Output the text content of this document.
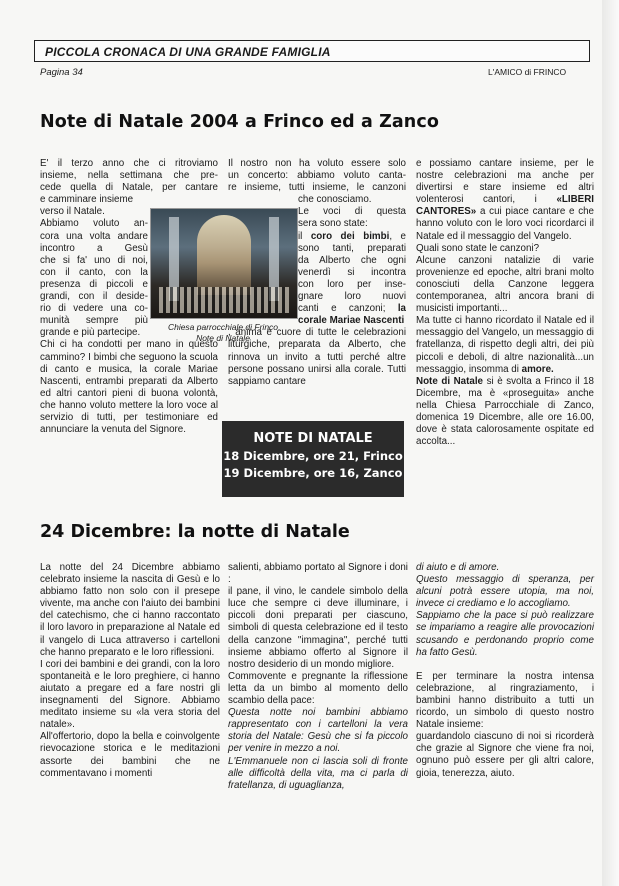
PICCOLA CRONACA DI UNA GRANDE FAMIGLIA
Pagina 34	L'AMICO di FRINCO
Note di Natale 2004 a Frinco ed a Zanco
E' il terzo anno che ci ritroviamo
insieme, nella settimana che pre-
cede quella di Natale, per cantare
e camminare insieme
verso il Natale.
Abbiamo voluto an-
cora una volta andare
incontro a Gesù
che si fa' uno di noi,
con il canto, con la
presenza di piccoli e
grandi, con il deside-
rio di vedere una co-
munità sempre più
grande e più partecipe.

Chi ci ha condotti per mano in questo cammino? I bimbi che seguono la scuola di canto e musica, la corale Mariae Nascenti, entrambi preparati da Alberto ed altri cantori pieni di buona volontà, che hanno voluto mettere la loro voce al servizio di tutti, per testimoniare ed annunciare la venuta del Signore.

Chiesa parrocchiale di Frinco
Note di Natale
Il nostro non ha voluto essere solo
un concerto: abbiamo voluto canta-
re insieme, tutti insieme, le canzoni
che conosciamo.
Le voci di questa
sera sono state:
il coro dei bimbi, e
sono tanti, preparati
da Alberto che ogni
venerdì si incontra
con loro per inse-
gnare loro nuovi
canti e canzoni; la
corale Mariae Nascenti

, anima e cuore di tutte le celebrazioni liturgiche, preparata da Alberto, che rinnova un invito a tutti perché altre persone possano unirsi alla corale. Tutti sappiamo cantare

NOTE DI NATALE
18 Dicembre, ore 21, Frinco
19 Dicembre, ore 16, Zanco

e possiamo cantare insieme, per le nostre celebrazioni ma anche per divertirsi e stare insieme ed altri volenterosi cantori, i «LIBERI CANTORES» a cui piace cantare e che hanno voluto con le loro voci ricordarci il Natale ed il messaggio del Vangelo.

Quali sono state le canzoni?

Alcune canzoni natalizie di varie provenienze ed epoche, altri brani molto conosciuti della Canzone leggera contemporanea, altri ancora brani di musicisti importanti...

Ma tutte ci hanno ricordato il Natale ed il messaggio del Vangelo, un messaggio di fratellanza, di rispetto degli altri, dei più piccoli e deboli, di altre nazionalità...un messaggio, insomma di amore.

Note di Natale si è svolta a Frinco il 18 Dicembre, ma è «proseguita» anche nella Chiesa Parrocchiale di Zanco, domenica 19 Dicembre, alle ore 16.00, dove è stata calorosamente ospitate ed accolta...

24 Dicembre: la notte di Natale

La notte del 24 Dicembre abbiamo celebrato insieme la nascita di Gesù e lo abbiamo fatto non solo con il presepe vivente, ma anche con l'aiuto dei bambini del catechismo, che ci hanno raccontato il loro lavoro in preparazione al Natale ed il vangelo di Luca attraverso i cartelloni che hanno preparato e le loro riflessioni.

I cori dei bambini e dei grandi, con la loro spontaneità e le loro preghiere, ci hanno aiutato a pregare ed a fare nostri gli insegnamenti del Signore. Abbiamo meditato insieme su «la vera storia del natale».

All'offertorio, dopo la bella e coinvolgente rievocazione storica e le meditazioni assorte dei bambini che ne commentavano i momenti

salienti, abbiamo portato al Signore i doni :

il pane, il vino, le candele simbolo della luce che sempre ci deve illuminare, i piccoli doni preparati per ciascuno, simboli di questa celebrazione ed il testo della canzone "immagina", perché tutti insieme abbiamo offerto al Signore il nostro desiderio di un mondo migliore.

Commovente e pregnante la riflessione letta da un bimbo al momento dello scambio della pace:

Questa notte noi bambini abbiamo rappresentato con i cartelloni la vera storia del Natale: Gesù che si fa piccolo per venire in mezzo a noi.

L'Emmanuele non ci lascia soli di fronte alle difficoltà della vita, ma ci parla di fratellanza, di uguaglianza,

di aiuto e di amore.

Questo messaggio di speranza, per alcuni potrà essere utopia, ma noi, invece ci crediamo e lo accogliamo.

Sappiamo che la pace si può realizzare se impariamo a reagire alle provocazioni scusando e perdonando proprio come ha fatto Gesù.

E per terminare la nostra intensa celebrazione, al ringraziamento, i bambini hanno distribuito a tutti un ricordo, un simbolo di questo nostro Natale insieme:

guardandolo ciascuno di noi si ricorderà che grazie al Signore che viene fra noi, ognuno può essere per gli altri calore, gioia, tenerezza, aiuto.
